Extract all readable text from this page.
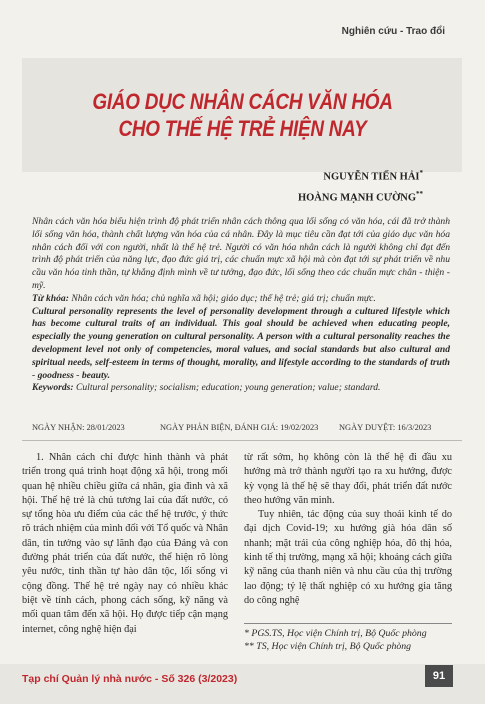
Nghiên cứu - Trao đổi
GIÁO DỤC NHÂN CÁCH VĂN HÓA
CHO THẾ HỆ TRẺ HIỆN NAY
NGUYỄN TIẾN HẢI*
HOÀNG MẠNH CƯỜNG**

Nhân cách văn hóa biểu hiện trình độ phát triển nhân cách thông qua lối sống có văn hóa, cái đã trở thành lối sống văn hóa, thành chất lượng văn hóa của cá nhân. Đây là mục tiêu cần đạt tới của giáo dục văn hóa nhân cách đối với con người, nhất là thế hệ trẻ. Người có văn hóa nhân cách là người không chỉ đạt đến trình độ phát triển của năng lực, đạo đức giá trị, các chuẩn mực xã hội mà còn đạt tới sự phát triển về nhu cầu văn hóa tinh thần, tự khẳng định mình về tư tưởng, đạo đức, lối sống theo các chuẩn mực chân - thiện - mỹ.

Từ khóa: Nhân cách văn hóa; chủ nghĩa xã hội; giáo dục; thế hệ trẻ; giá trị; chuẩn mực.

Cultural personality represents the level of personality development through a cultured lifestyle which has become cultural traits of an individual. This goal should be achieved when educating people, especially the young generation on cultural personality. A person with a cultural personality reaches the development level not only of competencies, moral values, and social standards but also cultural and spiritual needs, self-esteem in terms of thought, morality, and lifestyle according to the standards of truth - goodness - beauty.

Keywords: Cultural personality; socialism; education; young generation; value; standard.

NGÀY NHẬN: 28/01/2023	NGÀY PHẢN BIỆN, ĐÁNH GIÁ: 19/02/2023 NGÀY DUYỆT: 16/3/2023

1. Nhân cách chỉ được hình thành và phát triển trong quá trình hoạt động xã hội, trong mối quan hệ nhiều chiều giữa cá nhân, gia đình và xã hội. Thế hệ trẻ là chủ tương lai của đất nước, có sự tổng hòa ưu điểm của các thế hệ trước, ý thức rõ trách nhiệm của mình đối với Tổ quốc và Nhân dân, tin tưởng vào sự lãnh đạo của Đảng và con đường phát triển của đất nước, thể hiện rõ lòng yêu nước, tinh thần tự hào dân tộc, lối sống vì cộng đồng. Thế hệ trẻ ngày nay có nhiều khác biệt về tính cách, phong cách sống, kỹ năng và mối quan tâm đến xã hội. Họ được tiếp cận mạng internet, công nghệ hiện đại

từ rất sớm, họ không còn là thế hệ đi đầu xu hướng mà trở thành người tạo ra xu hướng, được kỳ vọng là thế hệ sẽ thay đổi, phát triển đất nước theo hướng văn minh.

Tuy nhiên, tác động của suy thoái kinh tế do đại dịch Covid-19; xu hướng già hóa dân số nhanh; mặt trái của công nghiệp hóa, đô thị hóa, kinh tế thị trường, mạng xã hội; khoảng cách giữa kỹ năng của thanh niên và nhu cầu của thị trường lao động; tỷ lệ thất nghiệp có xu hướng gia tăng do công nghệ

* PGS.TS, Học viện Chính trị, Bộ Quốc phòng
** TS, Học viện Chính trị, Bộ Quốc phòng
Tạp chí Quản lý nhà nước - Số 326 (3/2023)	91
